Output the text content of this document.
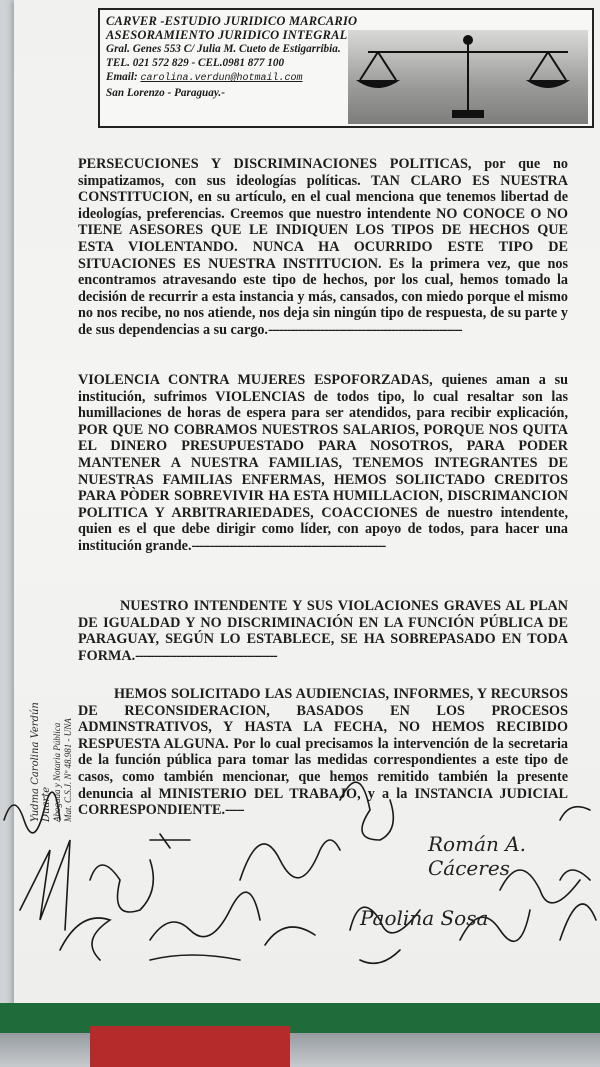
CARVER -ESTUDIO JURIDICO MARCARIO
ASESORAMIENTO JURIDICO INTEGRAL
Gral. Genes 553 C/ Julia M. Cueto de Estigarribia.
TEL. 021 572 829 - CEL.0981 877 100
Email: carolina.verdun@hotmail.com
San Lorenzo - Paraguay.-
PERSECUCIONES Y DISCRIMINACIONES POLITICAS, por que no simpatizamos, con sus ideologías políticas. TAN CLARO ES NUESTRA CONSTITUCION, en su artículo, en el cual menciona que tenemos libertad de ideologías, preferencias. Creemos que nuestro intendente NO CONOCE O NO TIENE ASESORES QUE LE INDIQUEN LOS TIPOS DE HECHOS QUE ESTA VIOLENTANDO. NUNCA HA OCURRIDO ESTE TIPO DE SITUACIONES ES NUESTRA INSTITUCION. Es la primera vez, que nos encontramos atravesando este tipo de hechos, por los cual, hemos tomado la decisión de recurrir a esta instancia y más, cansados, con miedo porque el mismo no nos recibe, no nos atiende, nos deja sin ningún tipo de respuesta, de su parte y de sus dependencias a su cargo.----------------------------------------------------
VIOLENCIA CONTRA MUJERES ESPOFORZADAS, quienes aman a su institución, sufrimos VIOLENCIAS de todos tipo, lo cual resaltar son las humillaciones de horas de espera para ser atendidos, para recibir explicación, POR QUE NO COBRAMOS NUESTROS SALARIOS, PORQUE NOS QUITA EL DINERO PRESUPUESTADO PARA NOSOTROS, PARA PODER MANTENER A NUESTRA FAMILIAS, TENEMOS INTEGRANTES DE NUESTRAS FAMILIAS ENFERMAS, HEMOS SOLIICTADO CREDITOS PARA PÒDER SOBREVIVIR HA ESTA HUMILLACION, DISCRIMANCION POLITICA Y ARBITRARIEDADES, COACCIONES de nuestro intendente, quien es el que debe dirigir como líder, con apoyo de todos, para hacer una institución grande.----------------------------------------------------
NUESTRO INTENDENTE Y SUS VIOLACIONES GRAVES AL PLAN DE IGUALDAD Y NO DISCRIMINACIÓN EN LA FUNCIÓN PÚBLICA DE PARAGUAY, SEGÚN LO ESTABLECE, SE HA SOBREPASADO EN TODA FORMA.--------------------------------------
HEMOS SOLICITADO LAS AUDIENCIAS, INFORMES, Y RECURSOS DE RECONSIDERACION, BASADOS EN LOS PROCESOS ADMINSTRATIVOS, Y HASTA LA FECHA, NO HEMOS RECIBIDO RESPUESTA ALGUNA. Por lo cual precisamos la intervención de la secretaria de la función pública para tomar las medidas correspondientes a este tipo de casos, como también mencionar, que hemos remitido también la presente denuncia al MINISTERIO DEL TRABAJO, y a la INSTANCIA JUDICIAL CORRESPONDIENTE.-----
Yudma Carolina Verdún Duarte Abogada y Notaria Pública Mat. C.S.J. Nº 48.981 - UNA
Román A. Cáceres
Paolina Sosa
